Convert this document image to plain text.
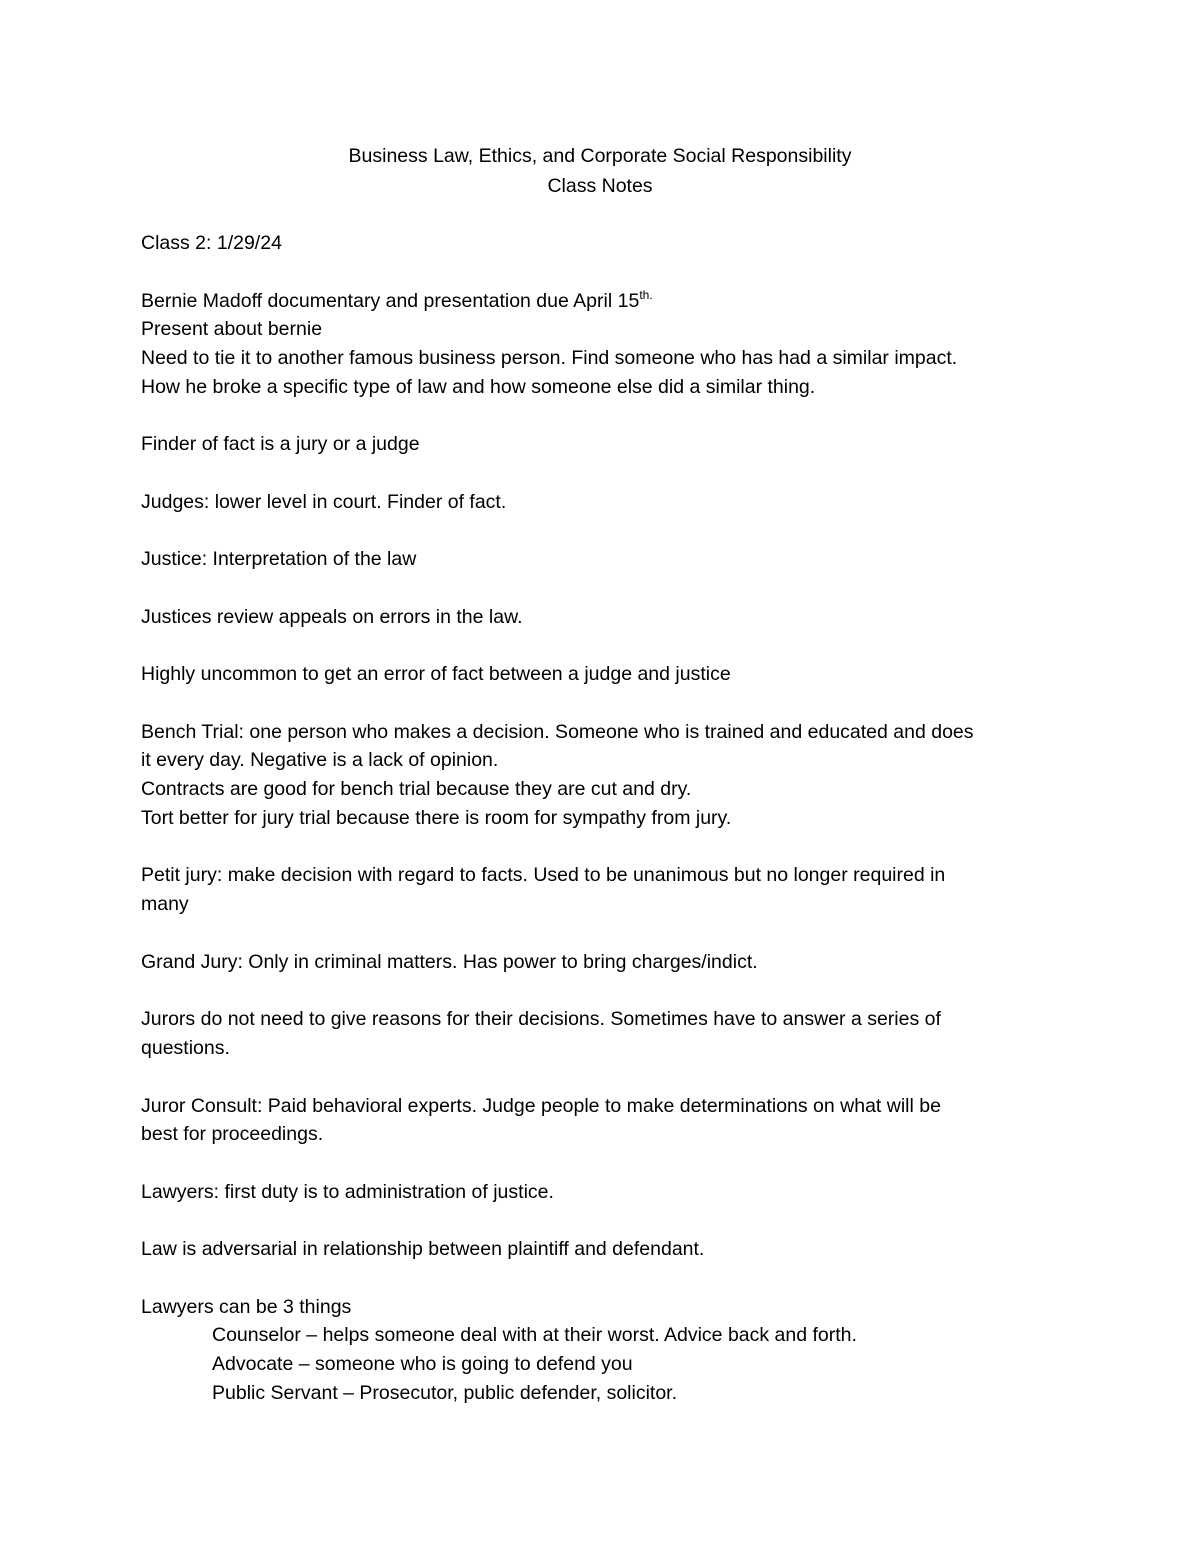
Business Law, Ethics, and Corporate Social Responsibility
Class Notes
Class 2: 1/29/24
Bernie Madoff documentary and presentation due April $15^{th.}$
Present about bernie
Need to tie it to another famous business person. Find someone who has had a similar impact.
How he broke a specific type of law and how someone else did a similar thing.
Finder of fact is a jury or a judge
Judges: lower level in court. Finder of fact.
Justice: Interpretation of the law
Justices review appeals on errors in the law.
Highly uncommon to get an error of fact between a judge and justice
Bench Trial: one person who makes a decision. Someone who is trained and educated and does
it every day. Negative is a lack of opinion.
Contracts are good for bench trial because they are cut and dry.
Tort better for jury trial because there is room for sympathy from jury.
Petit jury: make decision with regard to facts. Used to be unanimous but no longer required in
many
Grand Jury: Only in criminal matters. Has power to bring charges/indict.
Jurors do not need to give reasons for their decisions. Sometimes have to answer a series of
questions.
Juror Consult: Paid behavioral experts. Judge people to make determinations on what will be
best for proceedings.
Lawyers: first duty is to administration of justice.
Law is adversarial in relationship between plaintiff and defendant.
Lawyers can be 3 things
Counselor – helps someone deal with at their worst. Advice back and forth.
Advocate – someone who is going to defend you
Public Servant – Prosecutor, public defender, solicitor.
